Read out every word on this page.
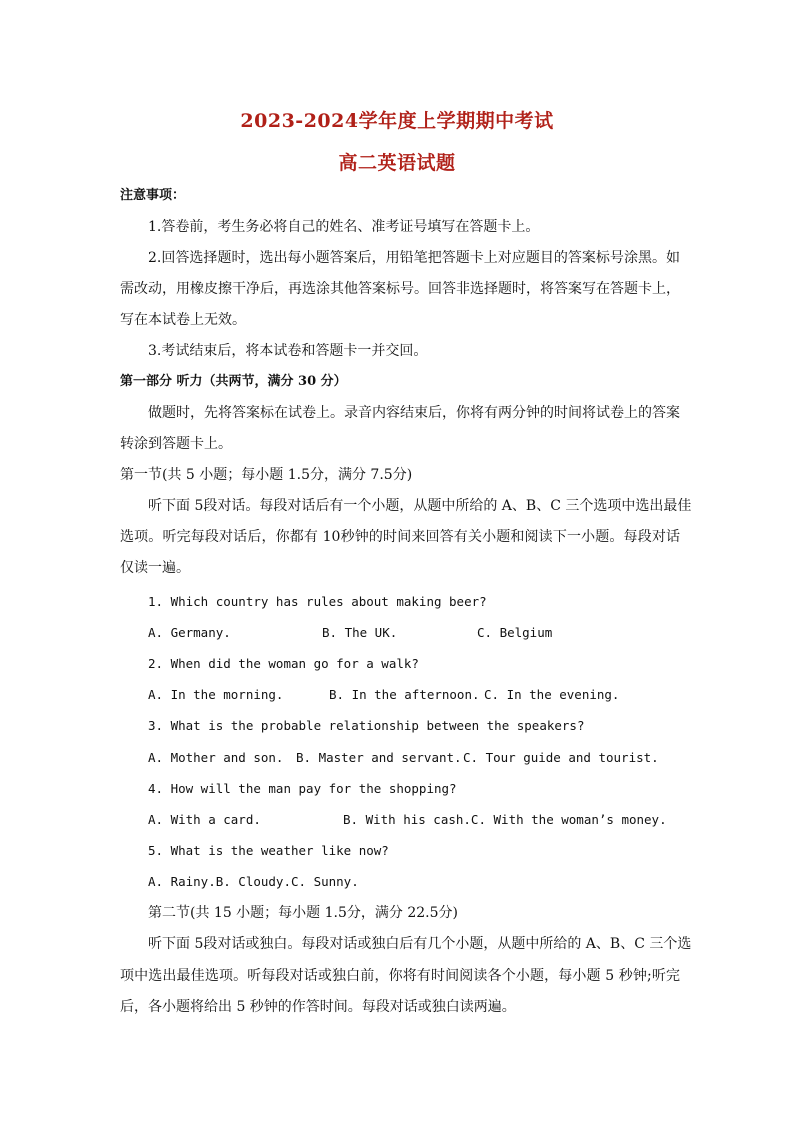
2023-2024学年度上学期期中考试
高二英语试题
注意事项：
1.答卷前，考生务必将自己的姓名、准考证号填写在答题卡上。
2.回答选择题时，选出每小题答案后，用铅笔把答题卡上对应题目的答案标号涂黑。如
需改动，用橡皮擦干净后，再选涂其他答案标号。回答非选择题时，将答案写在答题卡上，
写在本试卷上无效。
3.考试结束后，将本试卷和答题卡一并交回。
第一部分 听力（共两节，满分 30 分）
做题时，先将答案标在试卷上。录音内容结束后，你将有两分钟的时间将试卷上的答案
转涂到答题卡上。
第一节(共 5 小题；每小题 1.5分，满分 7.5分)
听下面 5段对话。每段对话后有一个小题，从题中所给的 A、B、C 三个选项中选出最佳
选项。听完每段对话后，你都有 10秒钟的时间来回答有关小题和阅读下一小题。每段对话
仅读一遍。
1. Which country has rules about making beer?
A. Germany.	B. The UK.	C. Belgium
2. When did the woman go for a walk?
A. In the morning.	B. In the afternoon. C. In the evening.
3. What is the probable relationship between the speakers?
A. Mother and son. B. Master and servant. C. Tour guide and tourist.
4. How will the man pay for the shopping?
A. With a card.	B. With his cash.C. With the woman’s money.
5. What is the weather like now?
A. Rainy.B. Cloudy.C. Sunny.
第二节(共 15 小题；每小题 1.5分，满分 22.5分)
听下面 5段对话或独白。每段对话或独白后有几个小题，从题中所给的 A、B、C 三个选
项中选出最佳选项。听每段对话或独白前，你将有时间阅读各个小题，每小题 5 秒钟;听完
后，各小题将给出 5 秒钟的作答时间。每段对话或独白读两遍。
